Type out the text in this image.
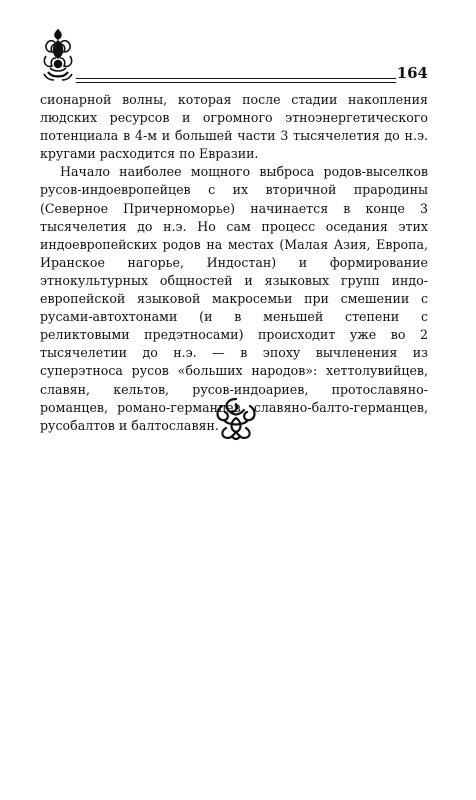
164

сионарной волны, которая после стадии накопления людских ресурсов и огромного этноэнергетического потенциала в 4-м и большей части 3 тысячелетия до н.э. кругами расходится по Евразии.

Начало наиболее мощного выброса родов-выселков русов-индоевропейцев с их вторичной прародины (Северное Причерноморье) начинается в конце 3 тысячелетия до н.э. Но сам процесс оседания этих индоевропейских родов на местах (Малая Азия, Европа, Иранское нагорье, Индостан) и формирование этнокультурных общностей и языковых групп индоевропейской языковой макросемьи при смешении с русами-автохтонами (и в меньшей степени с реликтовыми предэтносами) происходит уже во 2 тысячелетии до н.э. — в эпоху вычленения из суперэтноса русов «больших народов»: хеттолувийцев, славян, кельтов, русов-индоариев, протославянороманцев, романо-германцев, славяно-балто-германцев, русобалтов и балтославян.
